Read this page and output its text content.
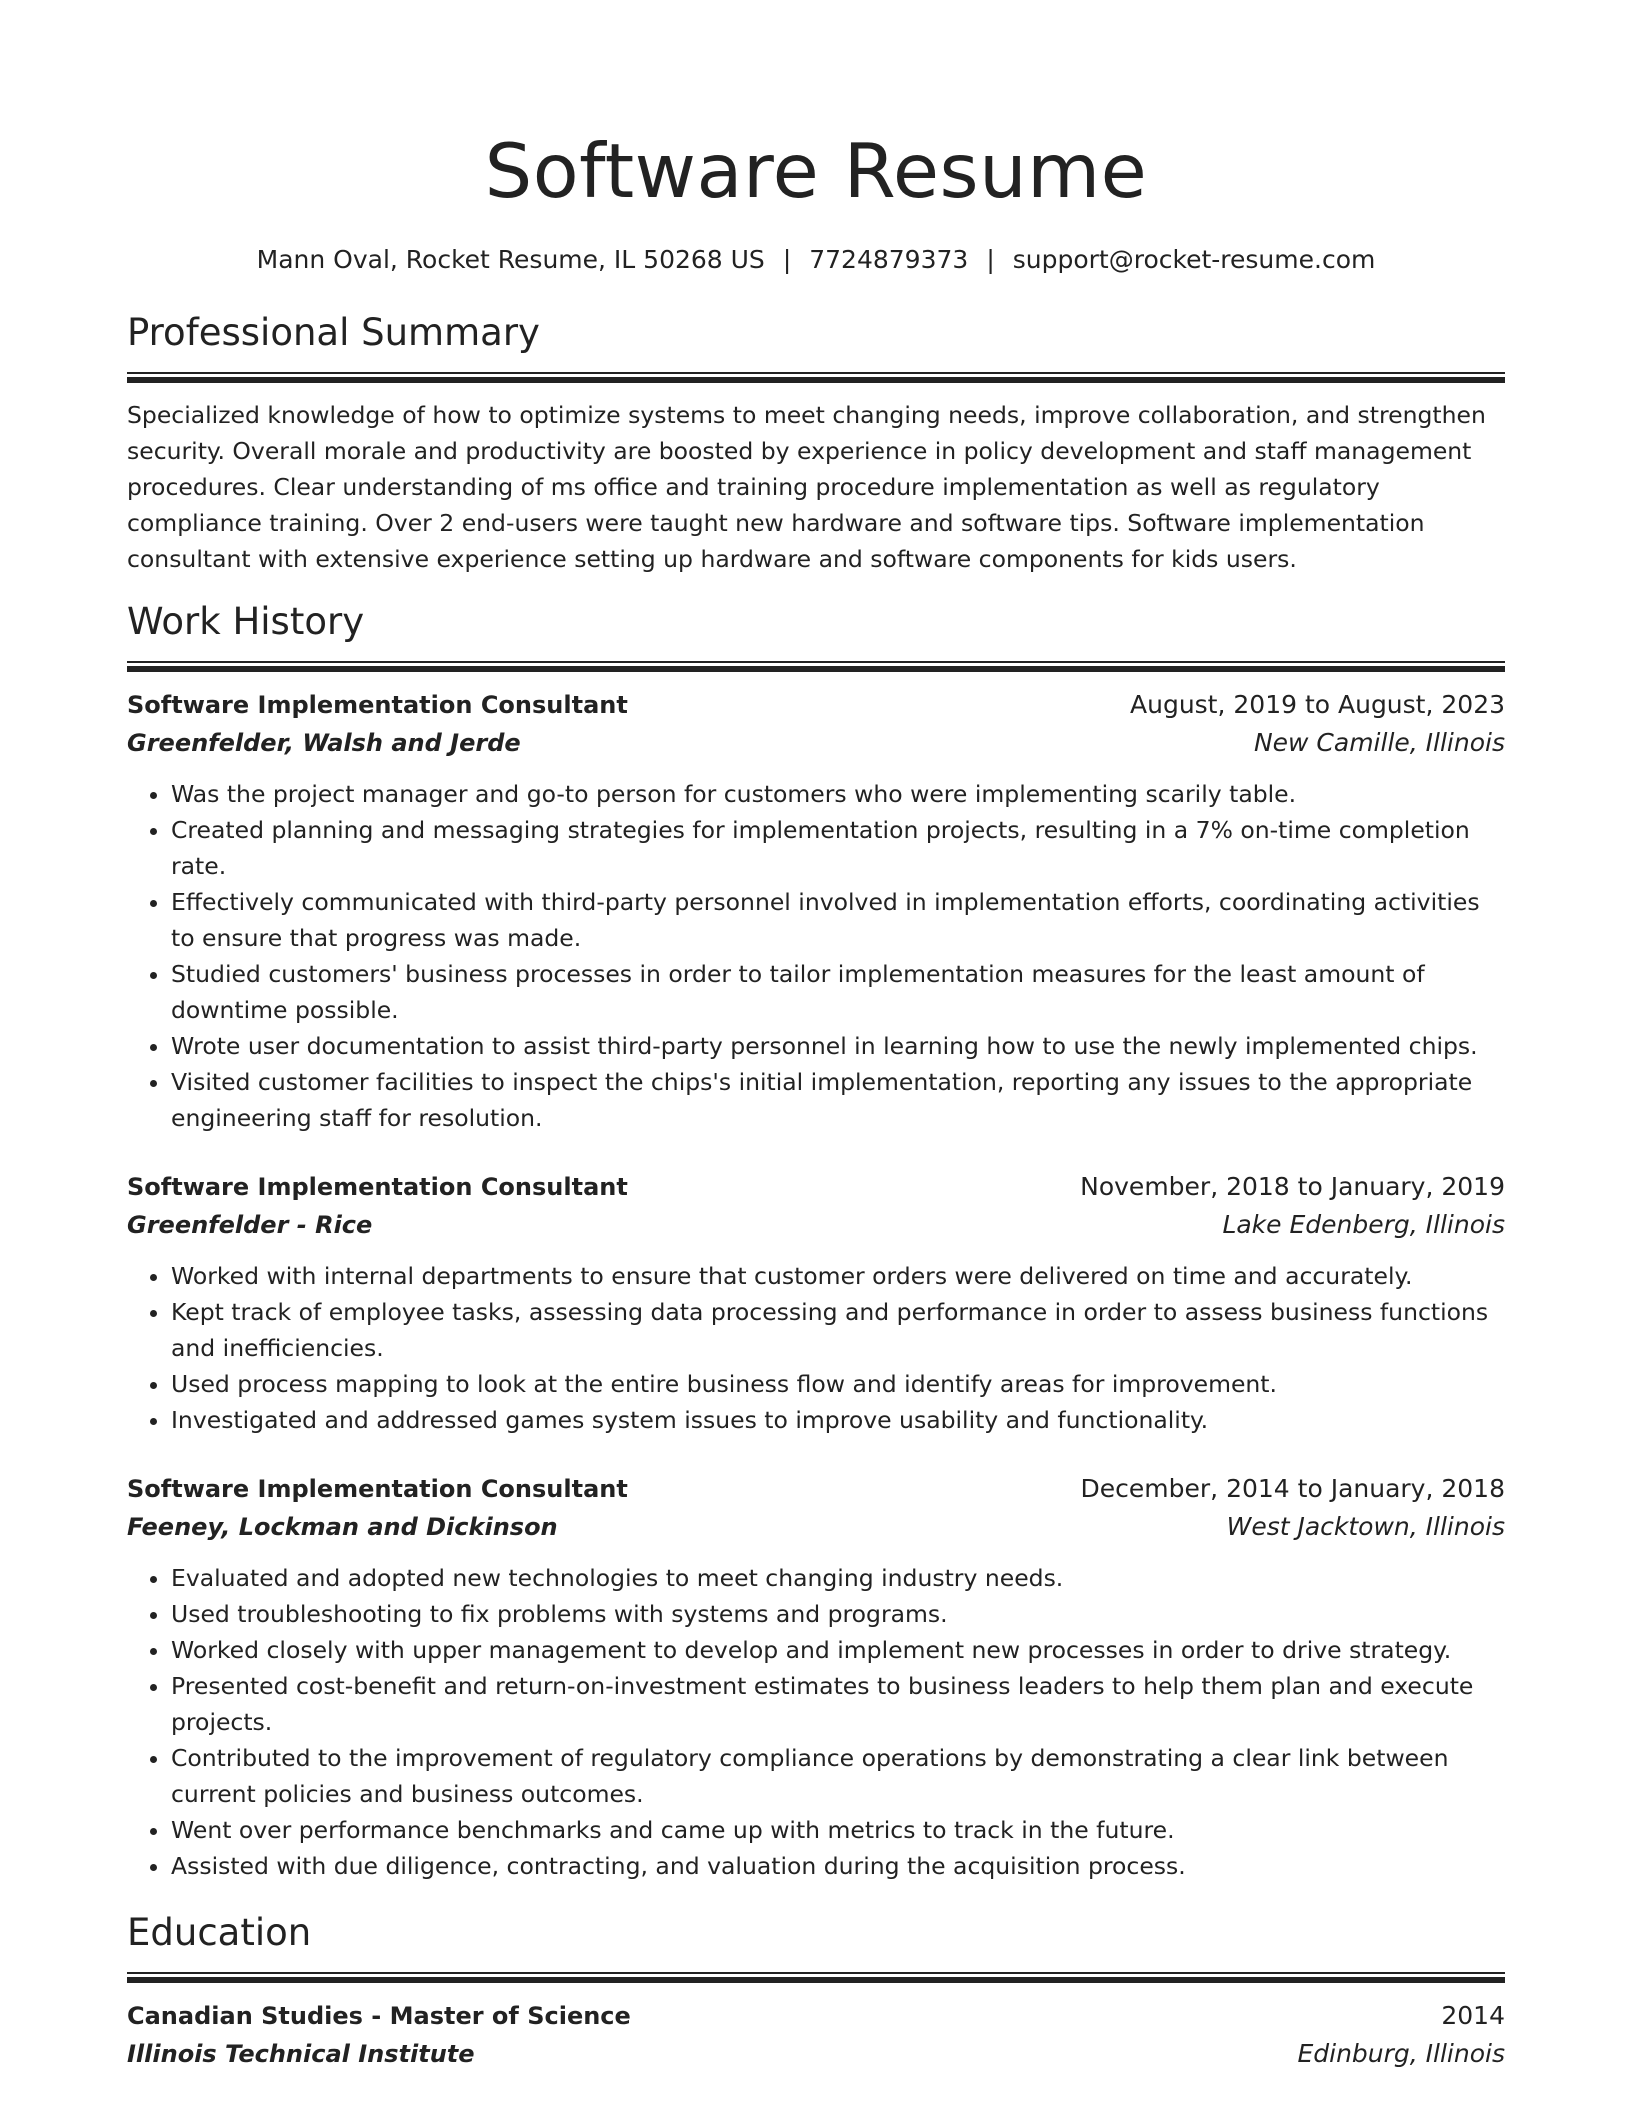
Software Resume
Mann Oval, Rocket Resume, IL 50268 US | 7724879373 | support@rocket-resume.com
Professional Summary

Specialized knowledge of how to optimize systems to meet changing needs, improve collaboration, and strengthen security. Overall morale and productivity are boosted by experience in policy development and staff management procedures. Clear understanding of ms office and training procedure implementation as well as regulatory compliance training. Over 2 end-users were taught new hardware and software tips. Software implementation consultant with extensive experience setting up hardware and software components for kids users.

Work History
Software Implementation Consultant	August, 2019 to August, 2023
Greenfelder, Walsh and Jerde	New Camille, Illinois
• Was the project manager and go-to person for customers who were implementing scarily table.
• Created planning and messaging strategies for implementation projects, resulting in a 7% on-time completion rate.
• Effectively communicated with third-party personnel involved in implementation efforts, coordinating activities to ensure that progress was made.
• Studied customers' business processes in order to tailor implementation measures for the least amount of downtime possible.
• Wrote user documentation to assist third-party personnel in learning how to use the newly implemented chips.
• Visited customer facilities to inspect the chips's initial implementation, reporting any issues to the appropriate engineering staff for resolution.
Software Implementation Consultant	November, 2018 to January, 2019
Greenfelder - Rice	Lake Edenberg, Illinois
• Worked with internal departments to ensure that customer orders were delivered on time and accurately.
• Kept track of employee tasks, assessing data processing and performance in order to assess business functions and inefficiencies.
• Used process mapping to look at the entire business flow and identify areas for improvement.
• Investigated and addressed games system issues to improve usability and functionality.
Software Implementation Consultant	December, 2014 to January, 2018
Feeney, Lockman and Dickinson	West Jacktown, Illinois
• Evaluated and adopted new technologies to meet changing industry needs.
• Used troubleshooting to fix problems with systems and programs.
• Worked closely with upper management to develop and implement new processes in order to drive strategy.
• Presented cost-benefit and return-on-investment estimates to business leaders to help them plan and execute projects.
• Contributed to the improvement of regulatory compliance operations by demonstrating a clear link between current policies and business outcomes.
• Went over performance benchmarks and came up with metrics to track in the future.
• Assisted with due diligence, contracting, and valuation during the acquisition process.
Education
Canadian Studies - Master of Science	2014
Illinois Technical Institute	Edinburg, Illinois
